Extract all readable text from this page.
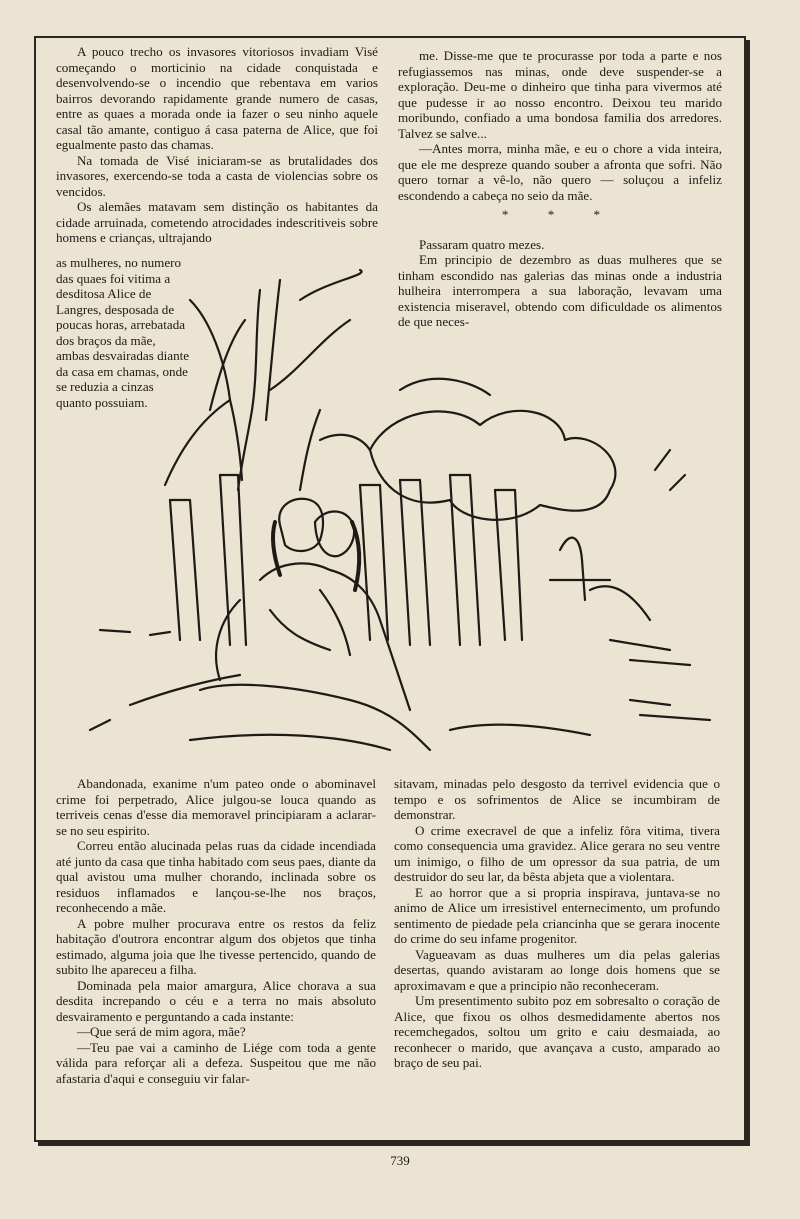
A pouco trecho os invasores vitoriosos invadiam Visé começando o morticinio na cidade conquistada e desenvolvendo-se o incendio que rebentava em varios bairros devorando rapidamente grande numero de casas, entre as quaes a morada onde ia fazer o seu ninho aquele casal tão amante, contiguo á casa paterna de Alice, que foi egualmente pasto das chamas.

Na tomada de Visé iniciaram-se as brutalidades dos invasores, exercendo-se toda a casta de violencias sobre os vencidos.

Os alemães matavam sem distinção os habitantes da cidade arruinada, cometendo atrocidades indescritiveis sobre homens e crianças, ultrajando

as mulheres, no numero das quaes foi vitima a desditosa Alice de Langres, desposada de poucas horas, arrebatada dos braços da mãe, ambas desvairadas diante da casa em chamas, onde se reduzia a cinzas quanto possuiam.

me. Disse-me que te procurasse por toda a parte e nos refugiassemos nas minas, onde deve suspender-se a exploração. Deu-me o dinheiro que tinha para vivermos até que pudesse ir ao nosso encontro. Deixou teu marido moribundo, confiado a uma bondosa familia dos arredores. Talvez se salve...

—Antes morra, minha mãe, e eu o chore a vida inteira, que ele me despreze quando souber a afronta que sofri. Não quero tornar a vê-lo, não quero — soluçou a infeliz escondendo a cabeça no seio da mãe.

* * *

Passaram quatro mezes.

Em principio de dezembro as duas mulheres que se tinham escondido nas galerias das minas onde a industria hulheira interrompera a sua laboração, levavam uma existencia miseravel, obtendo com dificuldade os alimentos de que neces-

Abandonada, exanime n'um pateo onde o abominavel crime foi perpetrado, Alice julgou-se louca quando as terriveis cenas d'esse dia memoravel principiaram a aclarar-se no seu espirito.

Correu então alucinada pelas ruas da cidade incendiada até junto da casa que tinha habitado com seus paes, diante da qual avistou uma mulher chorando, inclinada sobre os residuos inflamados e lançou-se-lhe nos braços, reconhecendo a mãe.

A pobre mulher procurava entre os restos da feliz habitação d'outrora encontrar algum dos objetos que tinha estimado, alguma joia que lhe tivesse pertencido, quando de subito lhe apareceu a filha.

Dominada pela maior amargura, Alice chorava a sua desdita increpando o céu e a terra no mais absoluto desvairamento e perguntando a cada instante:

—Que será de mim agora, mãe?

—Teu pae vai a caminho de Liége com toda a gente válida para reforçar ali a defeza. Suspeitou que me não afastaria d'aqui e conseguiu vir falar-

sitavam, minadas pelo desgosto da terrivel evidencia que o tempo e os sofrimentos de Alice se incumbiram de demonstrar.

O crime execravel de que a infeliz fôra vitima, tivera como consequencia uma gravidez. Alice gerara no seu ventre um inimigo, o filho de um opressor da sua patria, de um destruidor do seu lar, da bêsta abjeta que a violentara.

E ao horror que a si propria inspirava, juntava-se no animo de Alice um irresistivel enternecimento, um profundo sentimento de piedade pela criancinha que se gerara inocente do crime do seu infame progenitor.

Vagueavam as duas mulheres um dia pelas galerias desertas, quando avistaram ao longe dois homens que se aproximavam e que a principio não reconheceram.

Um presentimento subito poz em sobresalto o coração de Alice, que fixou os olhos desmedidamente abertos nos recemchegados, soltou um grito e caiu desmaiada, ao reconhecer o marido, que avançava a custo, amparado ao braço de seu pai.

739
